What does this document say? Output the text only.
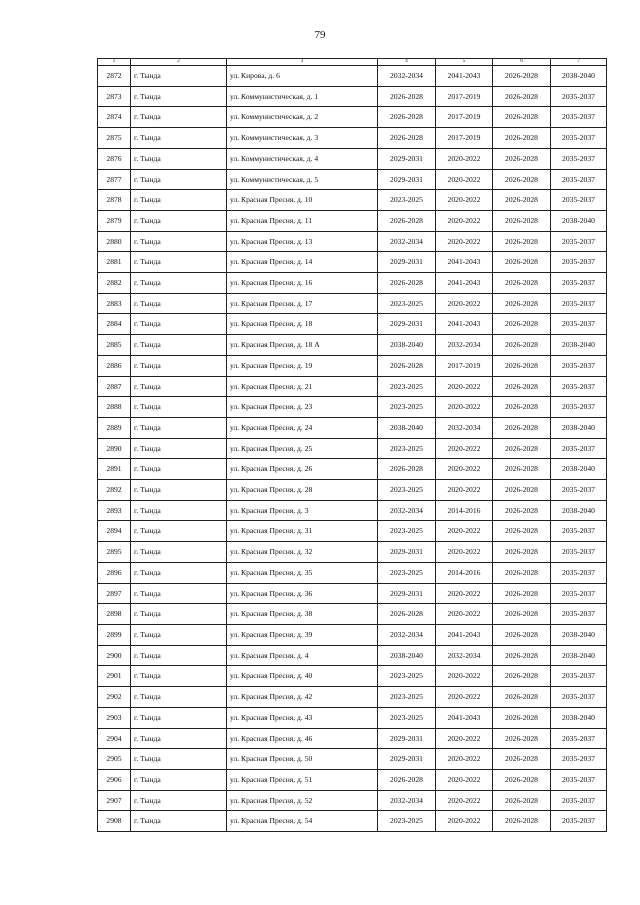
79
1	2	3	4	5	6	7
2872	г. Тында	ул. Кирова, д. 6	2032-2034	2041-2043	2026-2028	2038-2040
2873	г. Тында	ул. Коммунистическая, д. 1	2026-2028	2017-2019	2026-2028	2035-2037
2874	г. Тында	ул. Коммунистическая, д. 2	2026-2028	2017-2019	2026-2028	2035-2037
2875	г. Тында	ул. Коммунистическая, д. 3	2026-2028	2017-2019	2026-2028	2035-2037
2876	г. Тында	ул. Коммунистическая, д. 4	2029-2031	2020-2022	2026-2028	2035-2037
2877	г. Тында	ул. Коммунистическая, д. 5	2029-2031	2020-2022	2026-2028	2035-2037
2878	г. Тында	ул. Красная Пресня, д. 10	2023-2025	2020-2022	2026-2028	2035-2037
2879	г. Тында	ул. Красная Пресня, д. 11	2026-2028	2020-2022	2026-2028	2038-2040
2880	г. Тында	ул. Красная Пресня, д. 13	2032-2034	2020-2022	2026-2028	2035-2037
2881	г. Тында	ул. Красная Пресня, д. 14	2029-2031	2041-2043	2026-2028	2035-2037
2882	г. Тында	ул. Красная Пресня, д. 16	2026-2028	2041-2043	2026-2028	2035-2037
2883	г. Тында	ул. Красная Пресня, д. 17	2023-2025	2020-2022	2026-2028	2035-2037
2884	г. Тында	ул. Красная Пресня, д. 18	2029-2031	2041-2043	2026-2028	2035-2037
2885	г. Тында	ул. Красная Пресня, д. 18 А	2038-2040	2032-2034	2026-2028	2038-2040
2886	г. Тында	ул. Красная Пресня, д. 19	2026-2028	2017-2019	2026-2028	2035-2037
2887	г. Тында	ул. Красная Пресня, д. 21	2023-2025	2020-2022	2026-2028	2035-2037
2888	г. Тында	ул. Красная Пресня, д. 23	2023-2025	2020-2022	2026-2028	2035-2037
2889	г. Тында	ул. Красная Пресня, д. 24	2038-2040	2032-2034	2026-2028	2038-2040
2890	г. Тында	ул. Красная Пресня, д. 25	2023-2025	2020-2022	2026-2028	2035-2037
2891	г. Тында	ул. Красная Пресня, д. 26	2026-2028	2020-2022	2026-2028	2038-2040
2892	г. Тында	ул. Красная Пресня, д. 28	2023-2025	2020-2022	2026-2028	2035-2037
2893	г. Тында	ул. Красная Пресня, д. 3	2032-2034	2014-2016	2026-2028	2038-2040
2894	г. Тында	ул. Красная Пресня, д. 31	2023-2025	2020-2022	2026-2028	2035-2037
2895	г. Тында	ул. Красная Пресня, д. 32	2029-2031	2020-2022	2026-2028	2035-2037
2896	г. Тында	ул. Красная Пресня, д. 35	2023-2025	2014-2016	2026-2028	2035-2037
2897	г. Тында	ул. Красная Пресня, д. 36	2029-2031	2020-2022	2026-2028	2035-2037
2898	г. Тында	ул. Красная Пресня, д. 38	2026-2028	2020-2022	2026-2028	2035-2037
2899	г. Тында	ул. Красная Пресня, д. 39	2032-2034	2041-2043	2026-2028	2038-2040
2900	г. Тында	ул. Красная Пресня, д. 4	2038-2040	2032-2034	2026-2028	2038-2040
2901	г. Тында	ул. Красная Пресня, д. 40	2023-2025	2020-2022	2026-2028	2035-2037
2902	г. Тында	ул. Красная Пресня, д. 42	2023-2025	2020-2022	2026-2028	2035-2037
2903	г. Тында	ул. Красная Пресня, д. 43	2023-2025	2041-2043	2026-2028	2038-2040
2904	г. Тында	ул. Красная Пресня, д. 46	2029-2031	2020-2022	2026-2028	2035-2037
2905	г. Тында	ул. Красная Пресня, д. 50	2029-2031	2020-2022	2026-2028	2035-2037
2906	г. Тында	ул. Красная Пресня, д. 51	2026-2028	2020-2022	2026-2028	2035-2037
2907	г. Тында	ул. Красная Пресня, д. 52	2032-2034	2020-2022	2026-2028	2035-2037
2908	г. Тында	ул. Красная Пресня, д. 54	2023-2025	2020-2022	2026-2028	2035-2037
